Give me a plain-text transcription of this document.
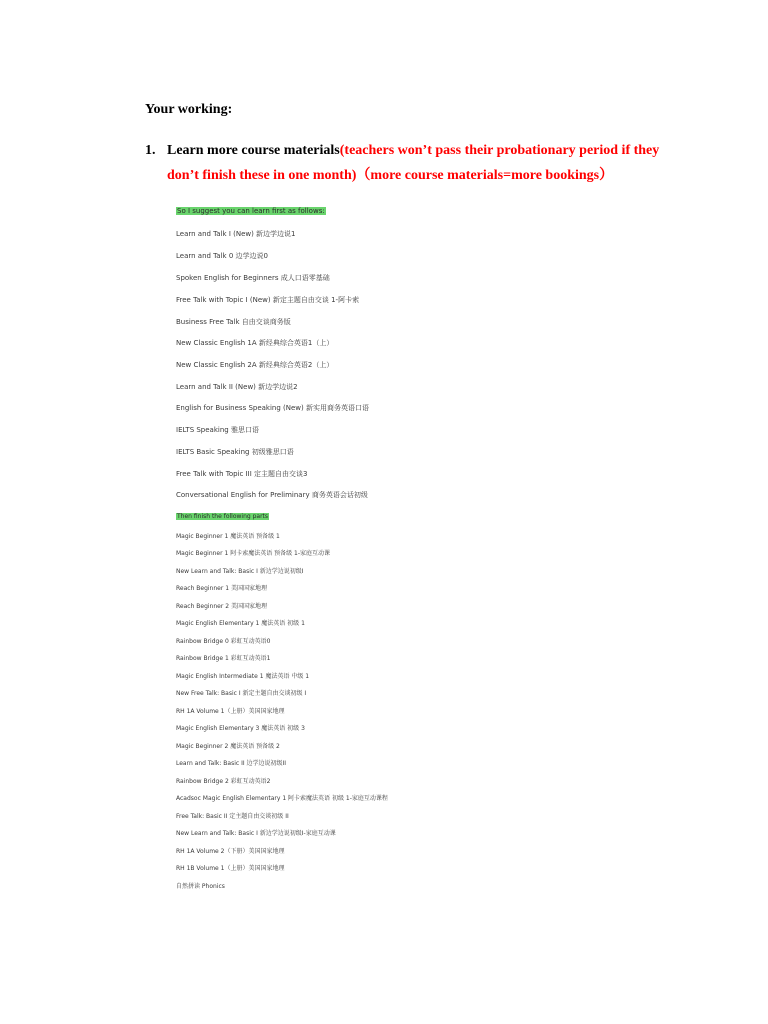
Your working:

1. Learn more course materials(teachers won’t pass their probationary period if they don’t finish these in one month)（more course materials=more bookings）
So I suggest you can learn first as follows:
Learn and Talk I (New) 新边学边说1
Learn and Talk 0 边学边说0
Spoken English for Beginners 成人口语零基础
Free Talk with Topic I (New) 新定主题自由交谈 1-阿卡索
Business Free Talk 自由交谈商务版
New Classic English 1A 新经典综合英语1（上）
New Classic English 2A 新经典综合英语2（上）
Learn and Talk II (New) 新边学边说2
English for Business Speaking (New) 新实用商务英语口语
IELTS Speaking 雅思口语
IELTS Basic Speaking 初级雅思口语
Free Talk with Topic III 定主题自由交谈3
Conversational English for Preliminary 商务英语会话初级
Then finish the following parts
Magic Beginner 1 魔法英语 预备级 1
Magic Beginner 1 阿卡索魔法英语 预备级 1-家庭互动课
New Learn and Talk: Basic I 新边学边说初级I
Reach Beginner 1 美国国家地理
Reach Beginner 2 美国国家地理
Magic English Elementary 1 魔法英语 初级 1
Rainbow Bridge 0 彩虹互动英语0
Rainbow Bridge 1 彩虹互动英语1
Magic English Intermediate 1 魔法英语 中级 1
New Free Talk: Basic I 新定主题自由交谈初级 I
RH 1A Volume 1（上册）美国国家地理
Magic English Elementary 3 魔法英语 初级 3
Magic Beginner 2 魔法英语 预备级 2
Learn and Talk: Basic II 边学边说初级II
Rainbow Bridge 2 彩虹互动英语2
Acadsoc Magic English Elementary 1 阿卡索魔法英语 初级 1-家庭互动课程
Free Talk: Basic II 定主题自由交谈初级 II
New Learn and Talk: Basic I 新边学边说初级I-家庭互动课
RH 1A Volume 2（下册）美国国家地理
RH 1B Volume 1（上册）美国国家地理
自然拼读 Phonics
